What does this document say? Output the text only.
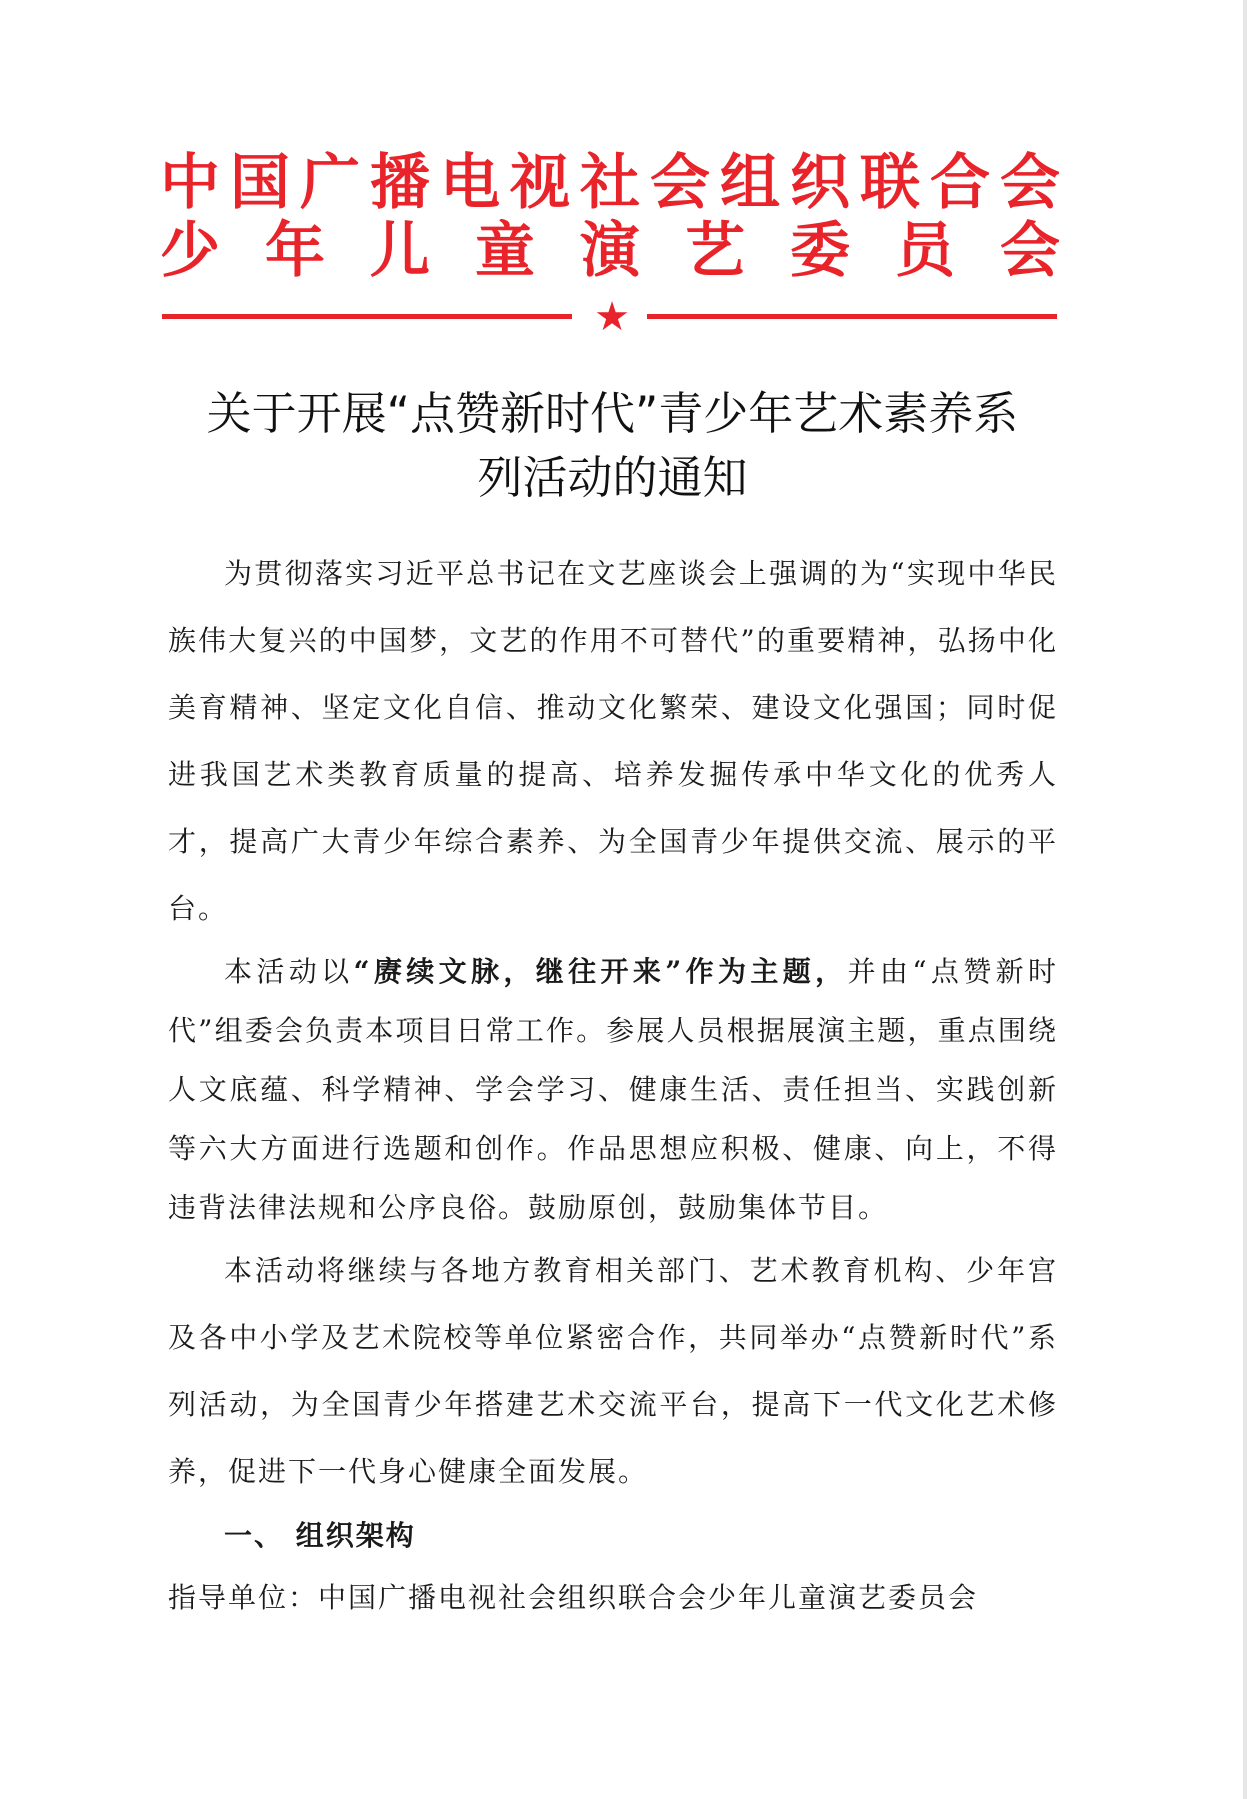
中 国 广 播 电 视 社 会 组 织 联 合 会
少 年 儿 童 演 艺 委 员 会
★
关于开展“点赞新时代”青少年艺术素养系
列活动的通知

为贯彻落实习近平总书记在文艺座谈会上强调的为“实现中华民族伟大复兴的中国梦，文艺的作用不可替代”的重要精神，弘扬中化美育精神、坚定文化自信、推动文化繁荣、建设文化强国；同时促进我国艺术类教育质量的提高、培养发掘传承中华文化的优秀人才，提高广大青少年综合素养、为全国青少年提供交流、展示的平台。

本活动以“赓续文脉，继往开来”作为主题，并由“点赞新时代”组委会负责本项目日常工作。参展人员根据展演主题，重点围绕人文底蕴、科学精神、学会学习、健康生活、责任担当、实践创新等六大方面进行选题和创作。作品思想应积极、健康、向上，不得违背法律法规和公序良俗。鼓励原创，鼓励集体节目。

本活动将继续与各地方教育相关部门、艺术教育机构、少年宫及各中小学及艺术院校等单位紧密合作，共同举办“点赞新时代”系列活动，为全国青少年搭建艺术交流平台，提高下一代文化艺术修养，促进下一代身心健康全面发展。

一、 组织架构

指导单位：中国广播电视社会组织联合会少年儿童演艺委员会
